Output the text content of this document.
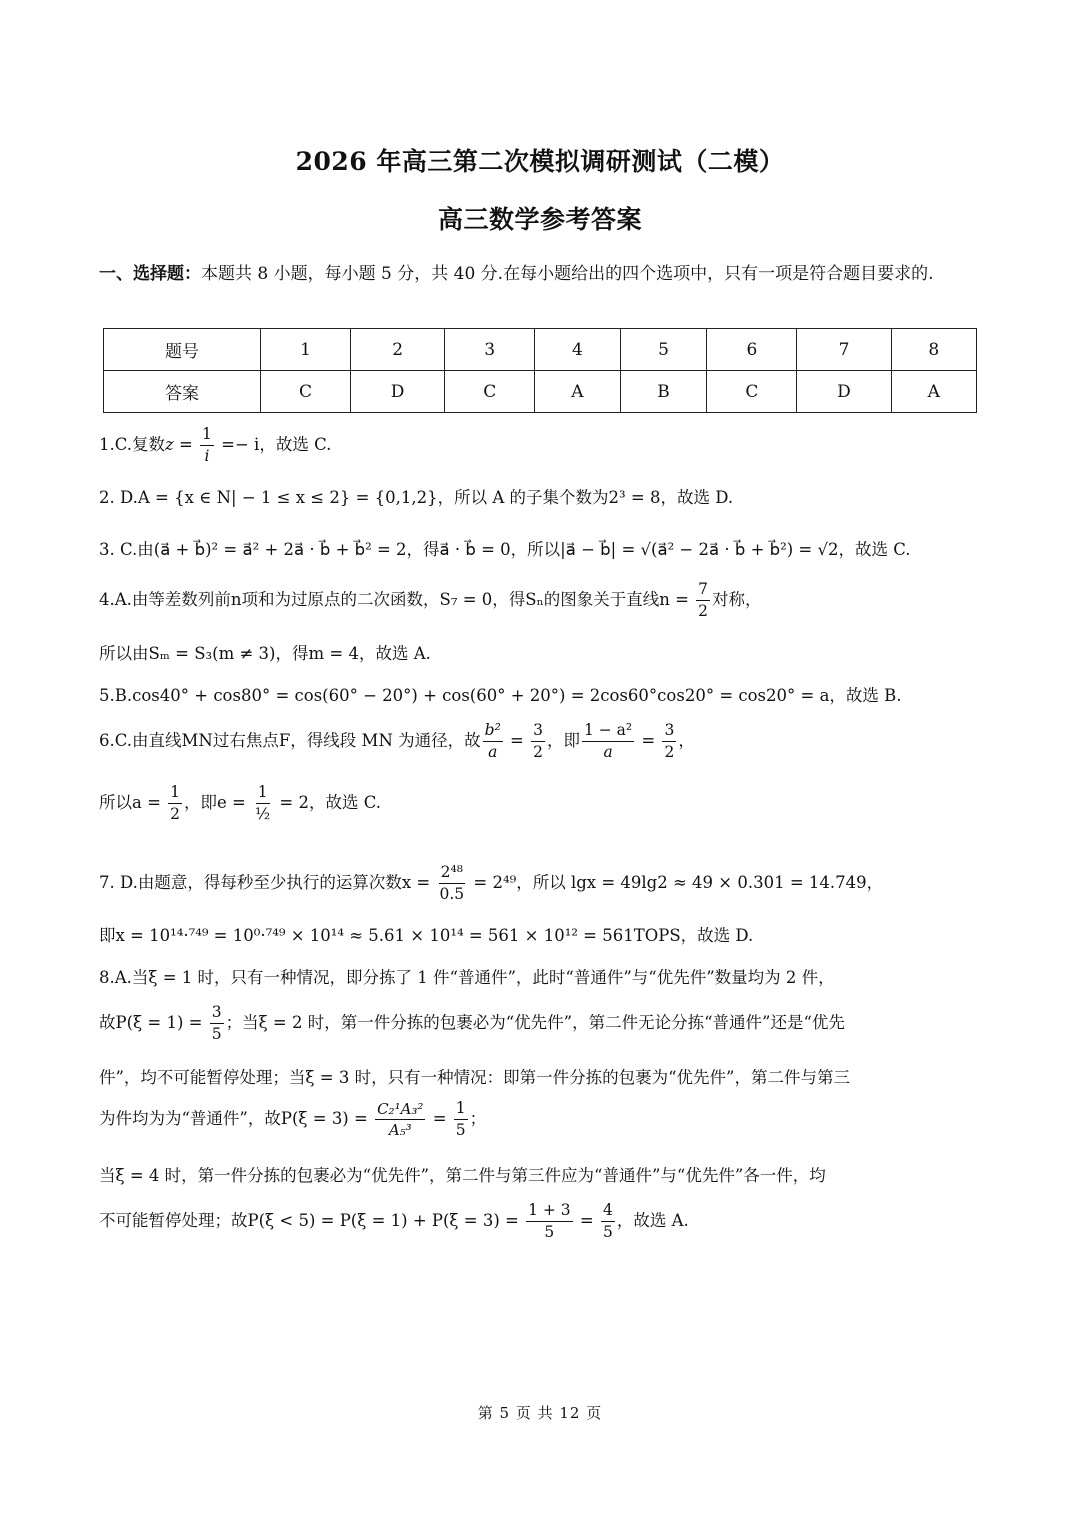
2026 年高三第二次模拟调研测试（二模）
高三数学参考答案
一、选择题：本题共 8 小题，每小题 5 分，共 40 分.在每小题给出的四个选项中，只有一项是符合题目要求的.
题号	1	2	3	4	5	6	7	8
答案	C	D	C	A	B	C	D	A
1.C.复数$z = \frac{1}{i} =- i$，故选 C.
2. D.A = {x ∈ N| − 1 ≤ x ≤ 2} = {0,1,2}，所以 A 的子集个数为2³ = 8，故选 D.
3. C.由(a⃗ + b⃗)² = a⃗² + 2a⃗ · b⃗ + b⃗² = 2，得a⃗ · b⃗ = 0，所以|a⃗ − b⃗| = √(a⃗² − 2a⃗ · b⃗ + b⃗²) = √2，故选 C.
4.A.由等差数列前n项和为过原点的二次函数，S₇ = 0，得Sₙ的图象关于直线$n = \frac{7}{2}$ 对称，
所以由Sₘ = S₃(m ≠ 3)，得m = 4，故选 A.
5.B.cos40° + cos80° = cos(60° − 20°) + cos(60° + 20°) = 2cos60°cos20° = cos20° = a，故选 B.
6.C.由直线MN过右焦点F，得线段 MN 为通径，故 $\frac{\text{b²}}{a} = \frac{3}{2}$ ，即 $\frac{\text{1 − a²}}{a} = \frac{3}{2}$ ，
所以$a = \frac{1}{2}$ ，即$e = \frac{1}{\text{½}} = 2$，故选 C.
7. D.由题意，得每秒至少执行的运算次数$x = \frac{\text{2⁴⁸}}{0.5} = 2^{49}$，所以 lgx = 49lg2 ≈ 49 × 0.301 = 14.749，
即x = 10¹⁴·⁷⁴⁹ = 10⁰·⁷⁴⁹ × 10¹⁴ ≈ 5.61 × 10¹⁴ = 561 × 10¹² = 561TOPS，故选 D.
8.A.当ξ = 1 时，只有一种情况，即分拣了 1 件“普通件”，此时“普通件”与“优先件”数量均为 2 件，
故$P(\xi = 1) = \frac{3}{5}$ ；当ξ = 2 时，第一件分拣的包裹必为“优先件”，第二件无论分拣“普通件”还是“优先
件”，均不可能暂停处理；当ξ = 3 时，只有一种情况：即第一件分拣的包裹为“优先件”，第二件与第三
为件均为为“普通件”，故$P(\xi = 3) = \frac{\text{C₂¹A₃²}}{\text{A₅³}} = \frac{1}{5}$ ；
当ξ = 4 时，第一件分拣的包裹必为“优先件”，第二件与第三件应为“普通件”与“优先件”各一件，均
不可能暂停处理；故$P(\xi < 5) = P(\xi = 1) + P(\xi = 3) = \frac{1 + 3}{5} = \frac{4}{5}$ ，故选 A.
第 5 页 共 12 页
